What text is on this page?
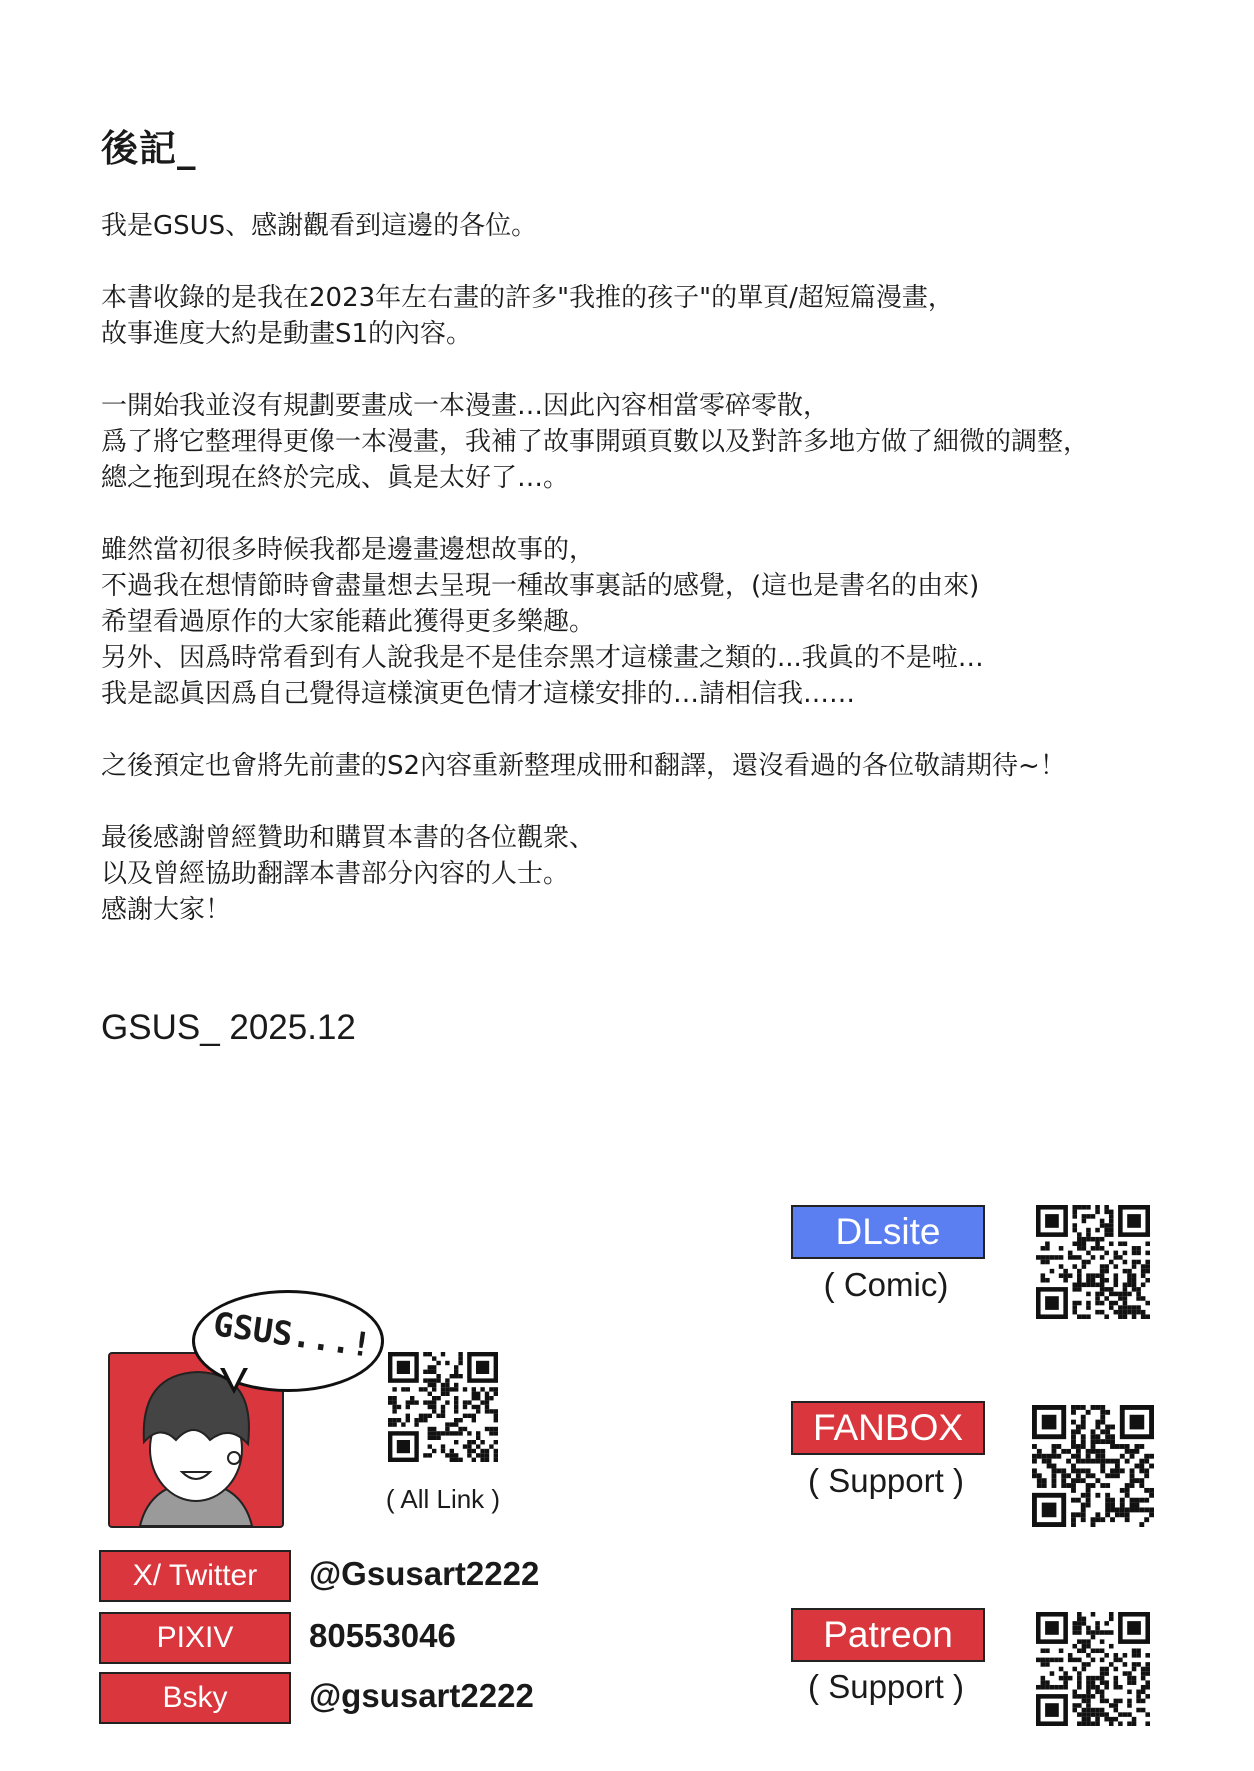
後記_
我是GSUS、感謝觀看到這邊的各位。
本書收錄的是我在2023年左右畫的許多"我推的孩子"的單頁/超短篇漫畫，
故事進度大約是動畫S1的內容。
一開始我並沒有規劃要畫成一本漫畫…因此內容相當零碎零散，
爲了將它整理得更像一本漫畫，我補了故事開頭頁數以及對許多地方做了細微的調整，
總之拖到現在終於完成、眞是太好了…。
雖然當初很多時候我都是邊畫邊想故事的，
不過我在想情節時會盡量想去呈現一種故事裏話的感覺，(這也是書名的由來)
希望看過原作的大家能藉此獲得更多樂趣。
另外、因爲時常看到有人說我是不是佳奈黑才這樣畫之類的...我眞的不是啦…
我是認眞因爲自己覺得這樣演更色情才這樣安排的…請相信我……
之後預定也會將先前畫的S2內容重新整理成冊和翻譯，還沒看過的各位敬請期待~！
最後感謝曾經贊助和購買本書的各位觀衆、
以及曾經協助翻譯本書部分內容的人士。
感謝大家！
GSUS_ 2025.12
GSUS...!
( All Link )
X/ Twitter	@Gsusart2222
PIXIV	80553046
Bsky	@gsusart2222
DLsite
( Comic)
FANBOX
( Support )
Patreon
( Support )
